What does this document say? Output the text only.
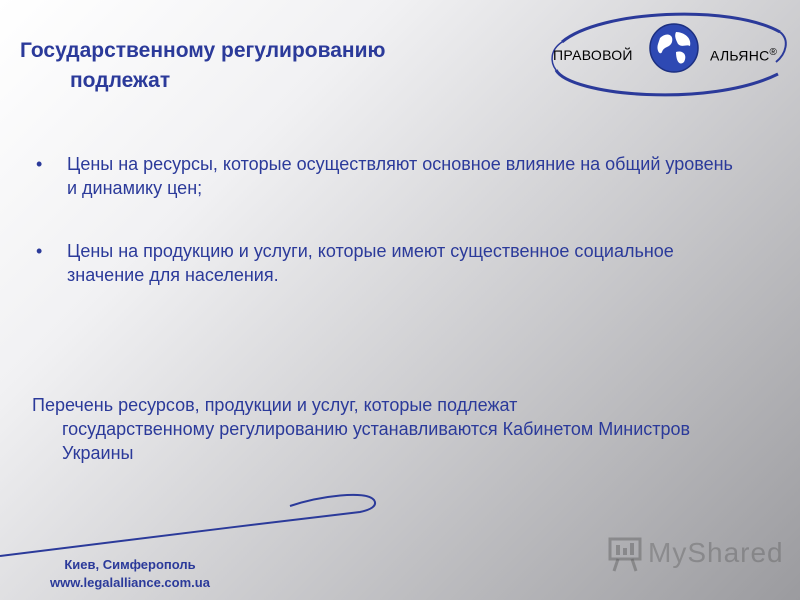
Государственному регулированию
подлежат
ПРАВОВОЙ	АЛЬЯНС®
• Цены на ресурсы, которые осуществляют основное влияние на общий уровень и динамику цен;
• Цены на продукцию и услуги, которые имеют существенное социальное значение для населения.
Перечень ресурсов, продукции и услуг, которые подлежат
государственному регулированию устанавливаются Кабинетом Министров Украины
Киев, Симферополь
www.legalalliance.com.ua
MyShared
